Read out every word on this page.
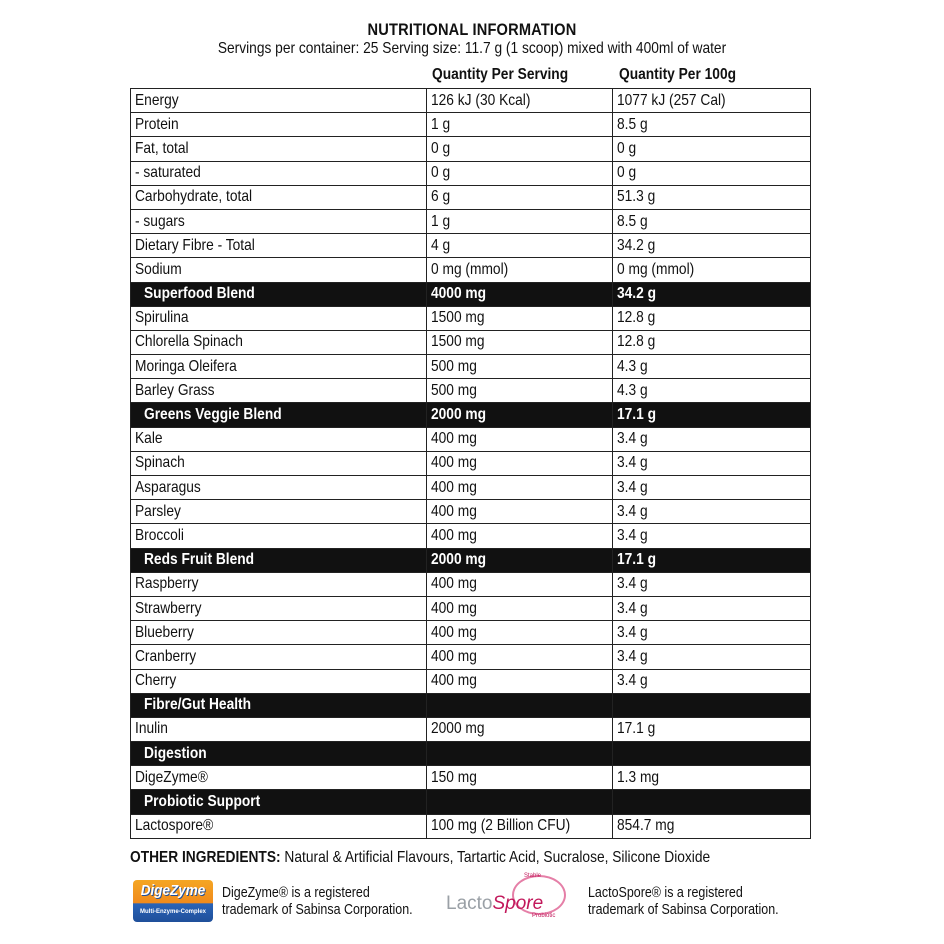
NUTRITIONAL INFORMATION
Servings per container: 25 Serving size: 11.7 g (1 scoop) mixed with 400ml of water
Quantity Per Serving	Quantity Per 100g
Energy	126 kJ (30 Kcal)	1077 kJ (257 Cal)
Protein	1 g	8.5 g
Fat, total	0 g	0 g
- saturated	0 g	0 g
Carbohydrate, total	6 g	51.3 g
- sugars	1 g	8.5 g
Dietary Fibre - Total	4 g	34.2 g
Sodium	0 mg (mmol)	0 mg (mmol)
Superfood Blend	4000 mg	34.2 g
Spirulina	1500 mg	12.8 g
Chlorella Spinach	1500 mg	12.8 g
Moringa Oleifera	500 mg	4.3 g
Barley Grass	500 mg	4.3 g
Greens Veggie Blend	2000 mg	17.1 g
Kale	400 mg	3.4 g
Spinach	400 mg	3.4 g
Asparagus	400 mg	3.4 g
Parsley	400 mg	3.4 g
Broccoli	400 mg	3.4 g
Reds Fruit Blend	2000 mg	17.1 g
Raspberry	400 mg	3.4 g
Strawberry	400 mg	3.4 g
Blueberry	400 mg	3.4 g
Cranberry	400 mg	3.4 g
Cherry	400 mg	3.4 g
Fibre/Gut Health		
Inulin	2000 mg	17.1 g
Digestion		
DigeZyme®	150 mg	1.3 mg
Probiotic Support		
Lactospore®	100 mg (2 Billion CFU)	854.7 mg
OTHER INGREDIENTS: Natural & Artificial Flavours, Tartartic Acid, Sucralose, Silicone Dioxide
DigeZyme
Multi-Enzyme-Complex
DigeZyme® is a registered
trademark of Sabinsa Corporation.
Stable
LactoSpore
Probiotic
LactoSpore® is a registered
trademark of Sabinsa Corporation.
